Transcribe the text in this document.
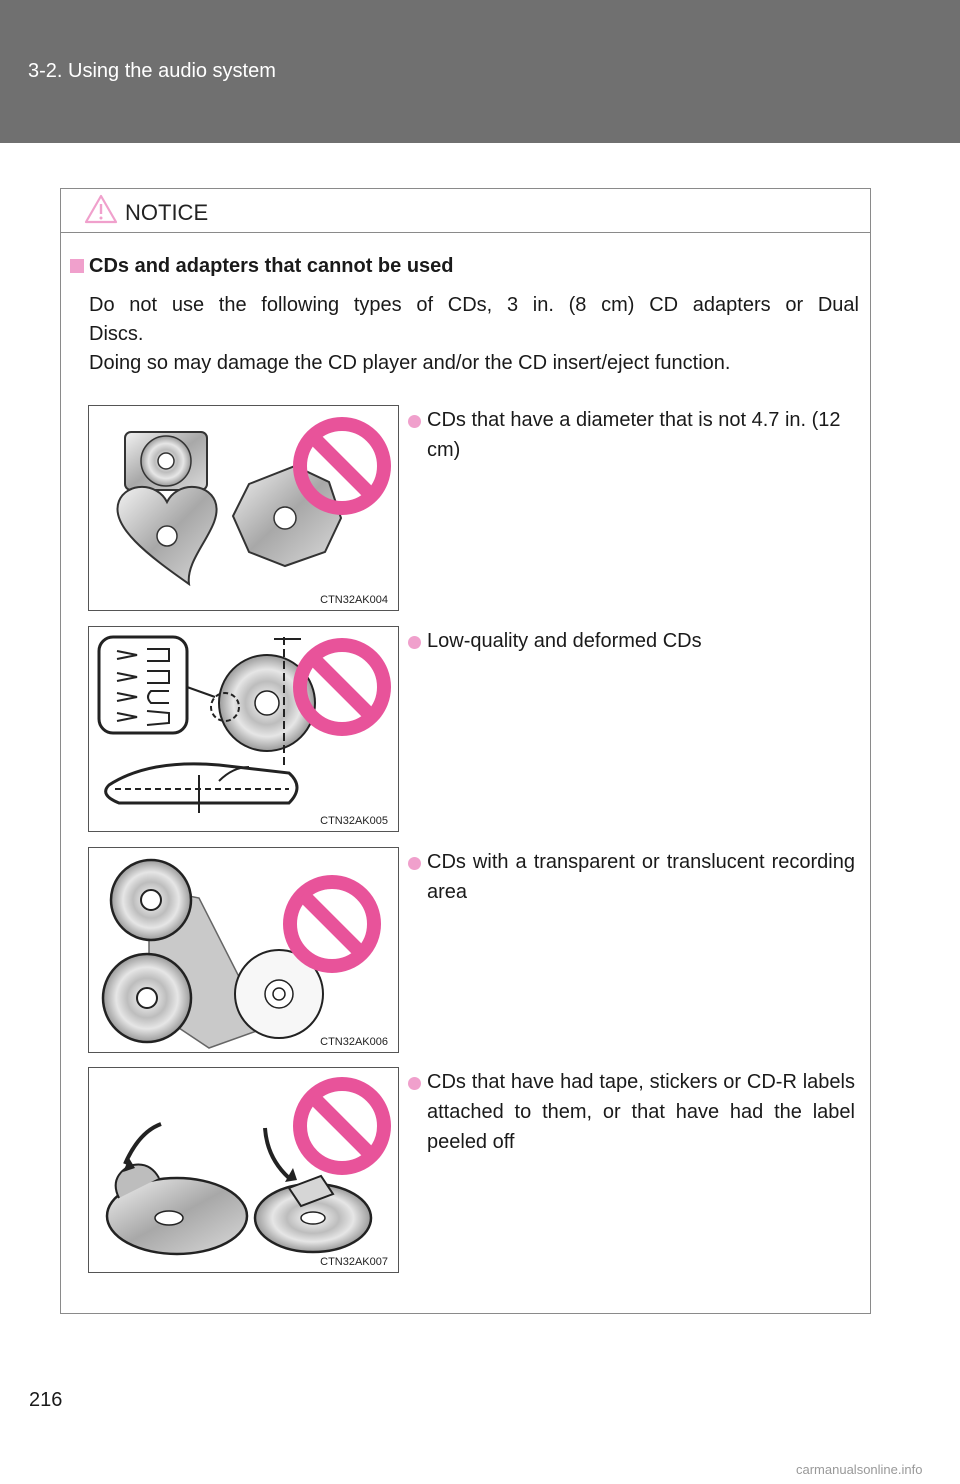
3-2. Using the audio system
NOTICE
CDs and adapters that cannot be used
Do not use the following types of CDs, 3 in. (8 cm) CD adapters or Dual
Discs.
Doing so may damage the CD player and/or the CD insert/eject function.
CTN32AK004
CDs that have a diameter that is not 4.7 in. (12 cm)
CTN32AK005
Low-quality and deformed CDs
CTN32AK006
CDs with a transparent or translucent recording area
CTN32AK007
CDs that have had tape, stickers or CD-R labels attached to them, or that have had the label peeled off
216
carmanualsonline.info
